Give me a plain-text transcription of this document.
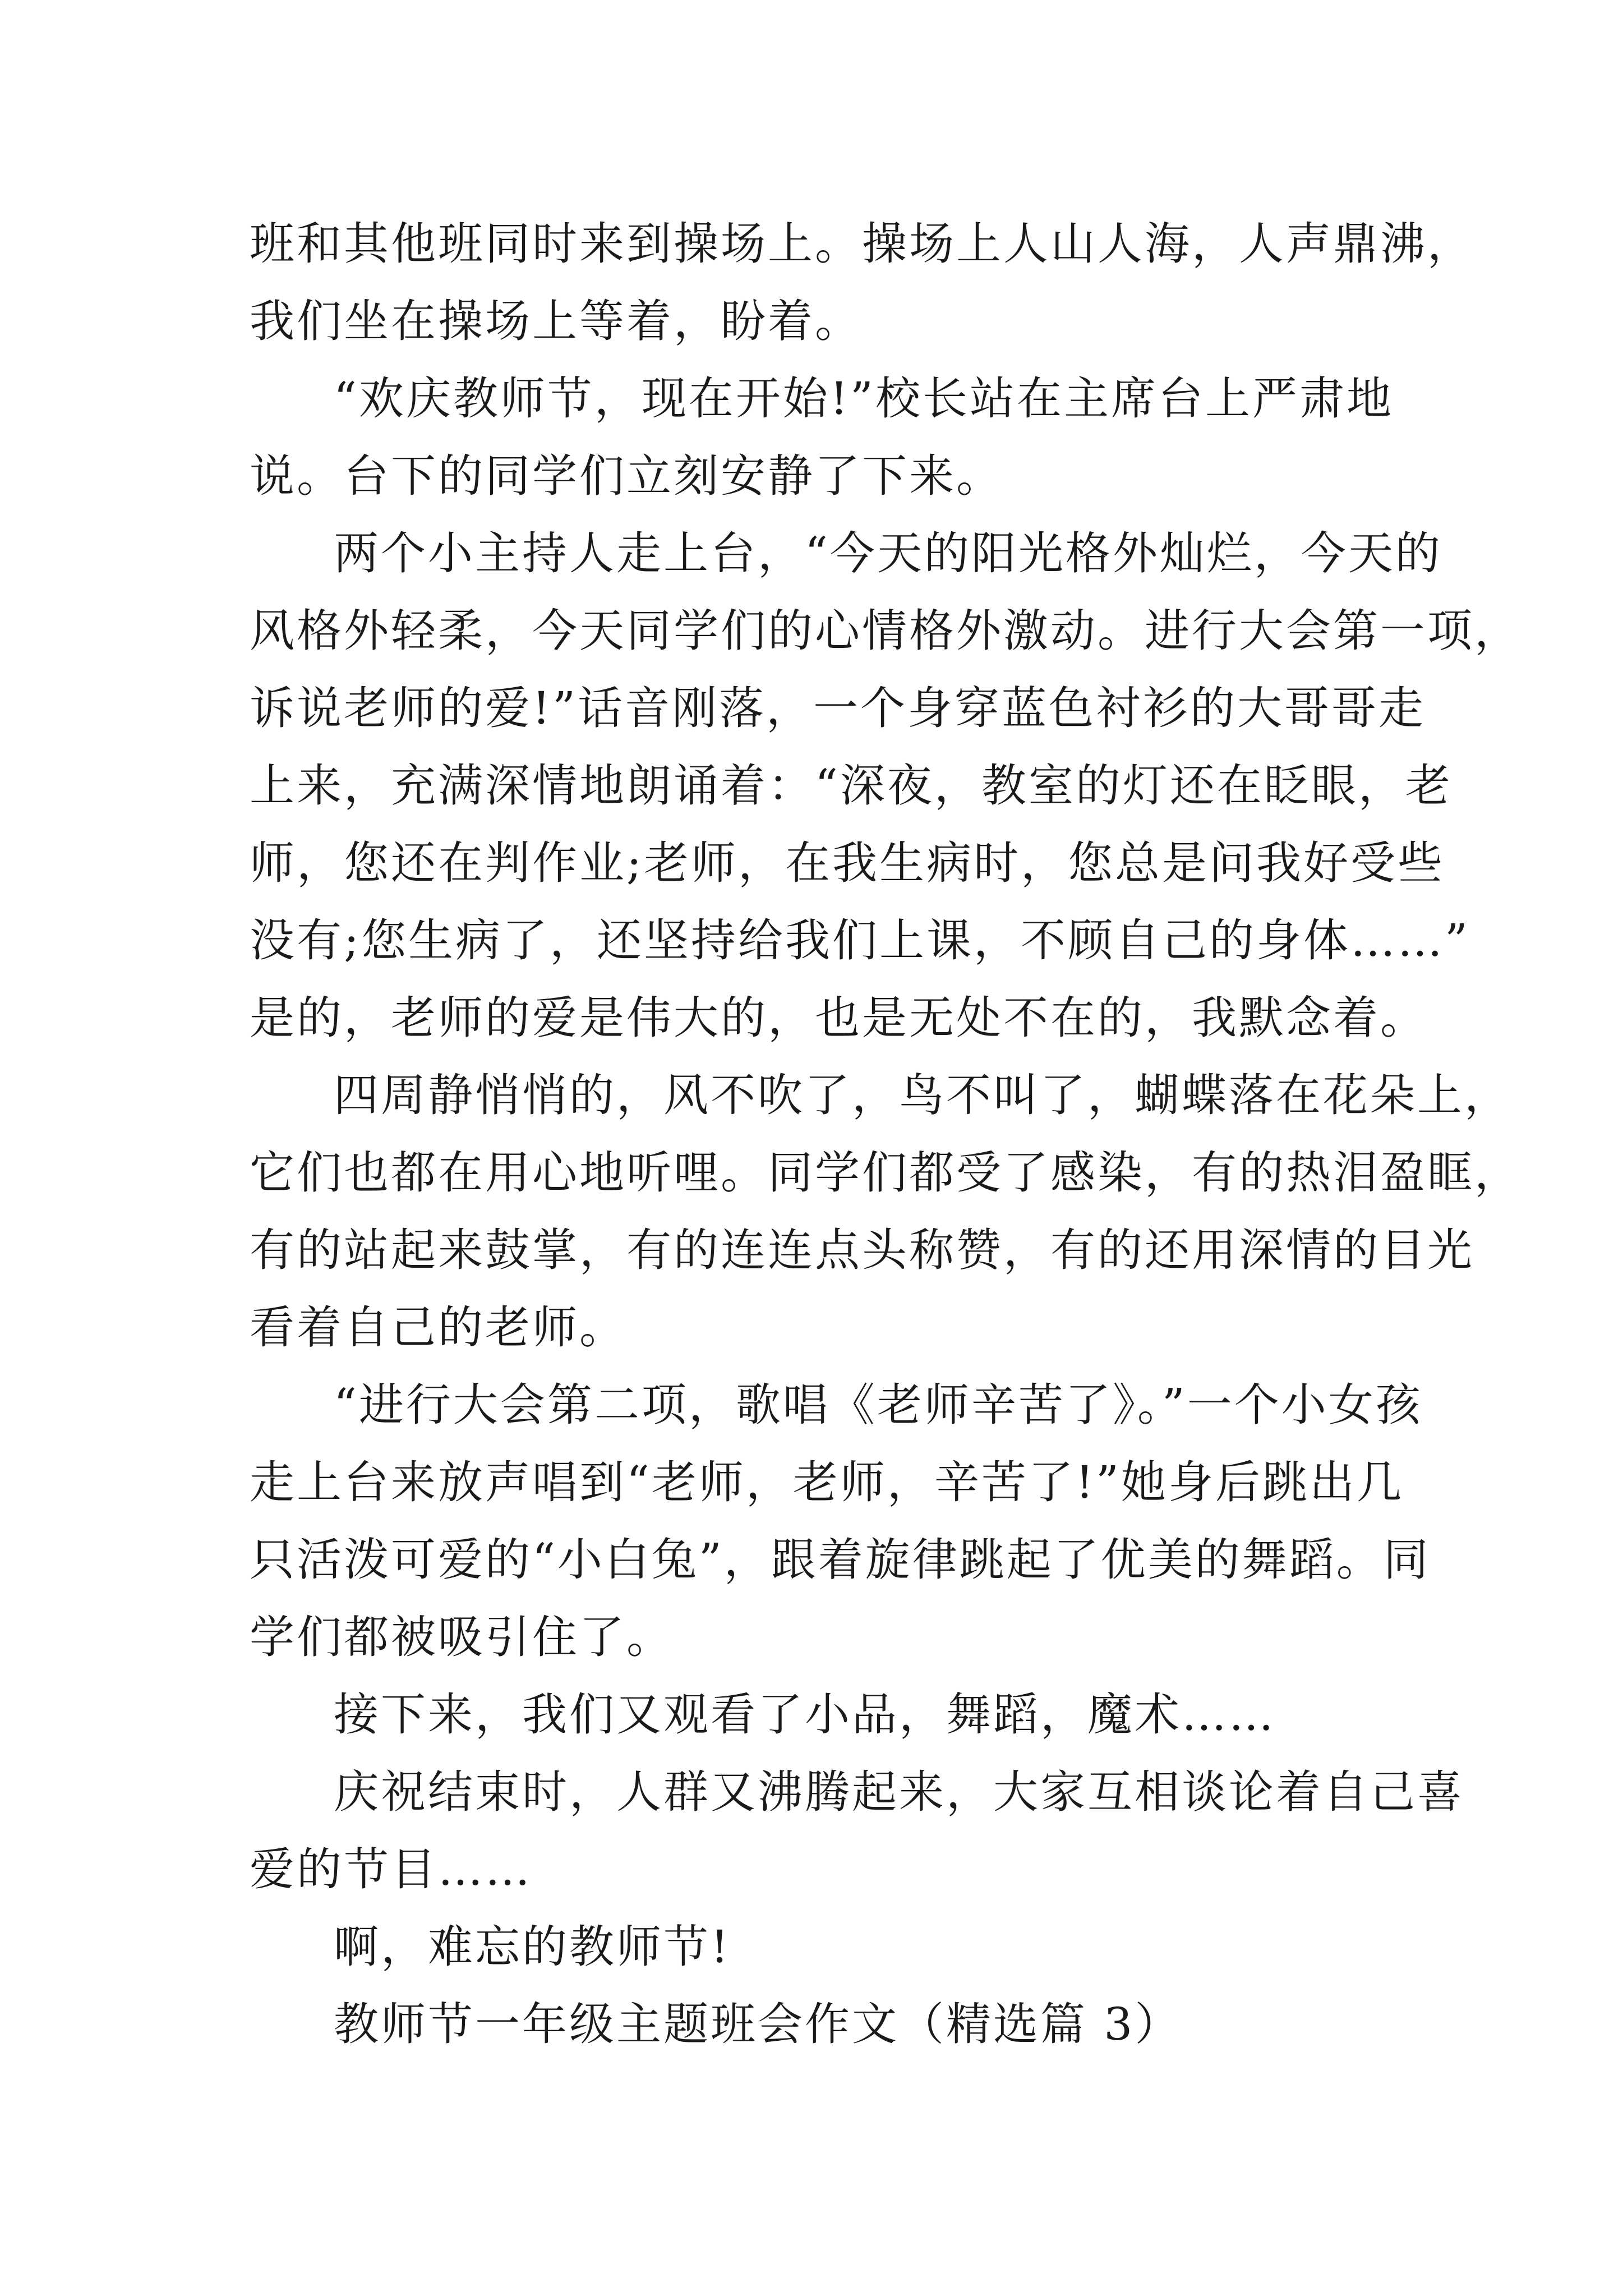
班和其他班同时来到操场上。操场上人山人海，人声鼎沸，
我们坐在操场上等着，盼着。
“欢庆教师节，现在开始!”校长站在主席台上严肃地
说。台下的同学们立刻安静了下来。
两个小主持人走上台，“今天的阳光格外灿烂，今天的
风格外轻柔，今天同学们的心情格外激动。进行大会第一项，
诉说老师的爱!”话音刚落，一个身穿蓝色衬衫的大哥哥走
上来，充满深情地朗诵着：“深夜，教室的灯还在眨眼，老
师，您还在判作业;老师，在我生病时，您总是问我好受些
没有;您生病了，还坚持给我们上课，不顾自己的身体……”
是的，老师的爱是伟大的，也是无处不在的，我默念着。
四周静悄悄的，风不吹了，鸟不叫了，蝴蝶落在花朵上，
它们也都在用心地听哩。同学们都受了感染，有的热泪盈眶，
有的站起来鼓掌，有的连连点头称赞，有的还用深情的目光
看着自己的老师。
“进行大会第二项，歌唱《老师辛苦了》。”一个小女孩
走上台来放声唱到“老师，老师，辛苦了!”她身后跳出几
只活泼可爱的“小白兔”，跟着旋律跳起了优美的舞蹈。同
学们都被吸引住了。
接下来，我们又观看了小品，舞蹈，魔术……
庆祝结束时，人群又沸腾起来，大家互相谈论着自己喜
爱的节目……
啊，难忘的教师节!
教师节一年级主题班会作文（精选篇 3）
